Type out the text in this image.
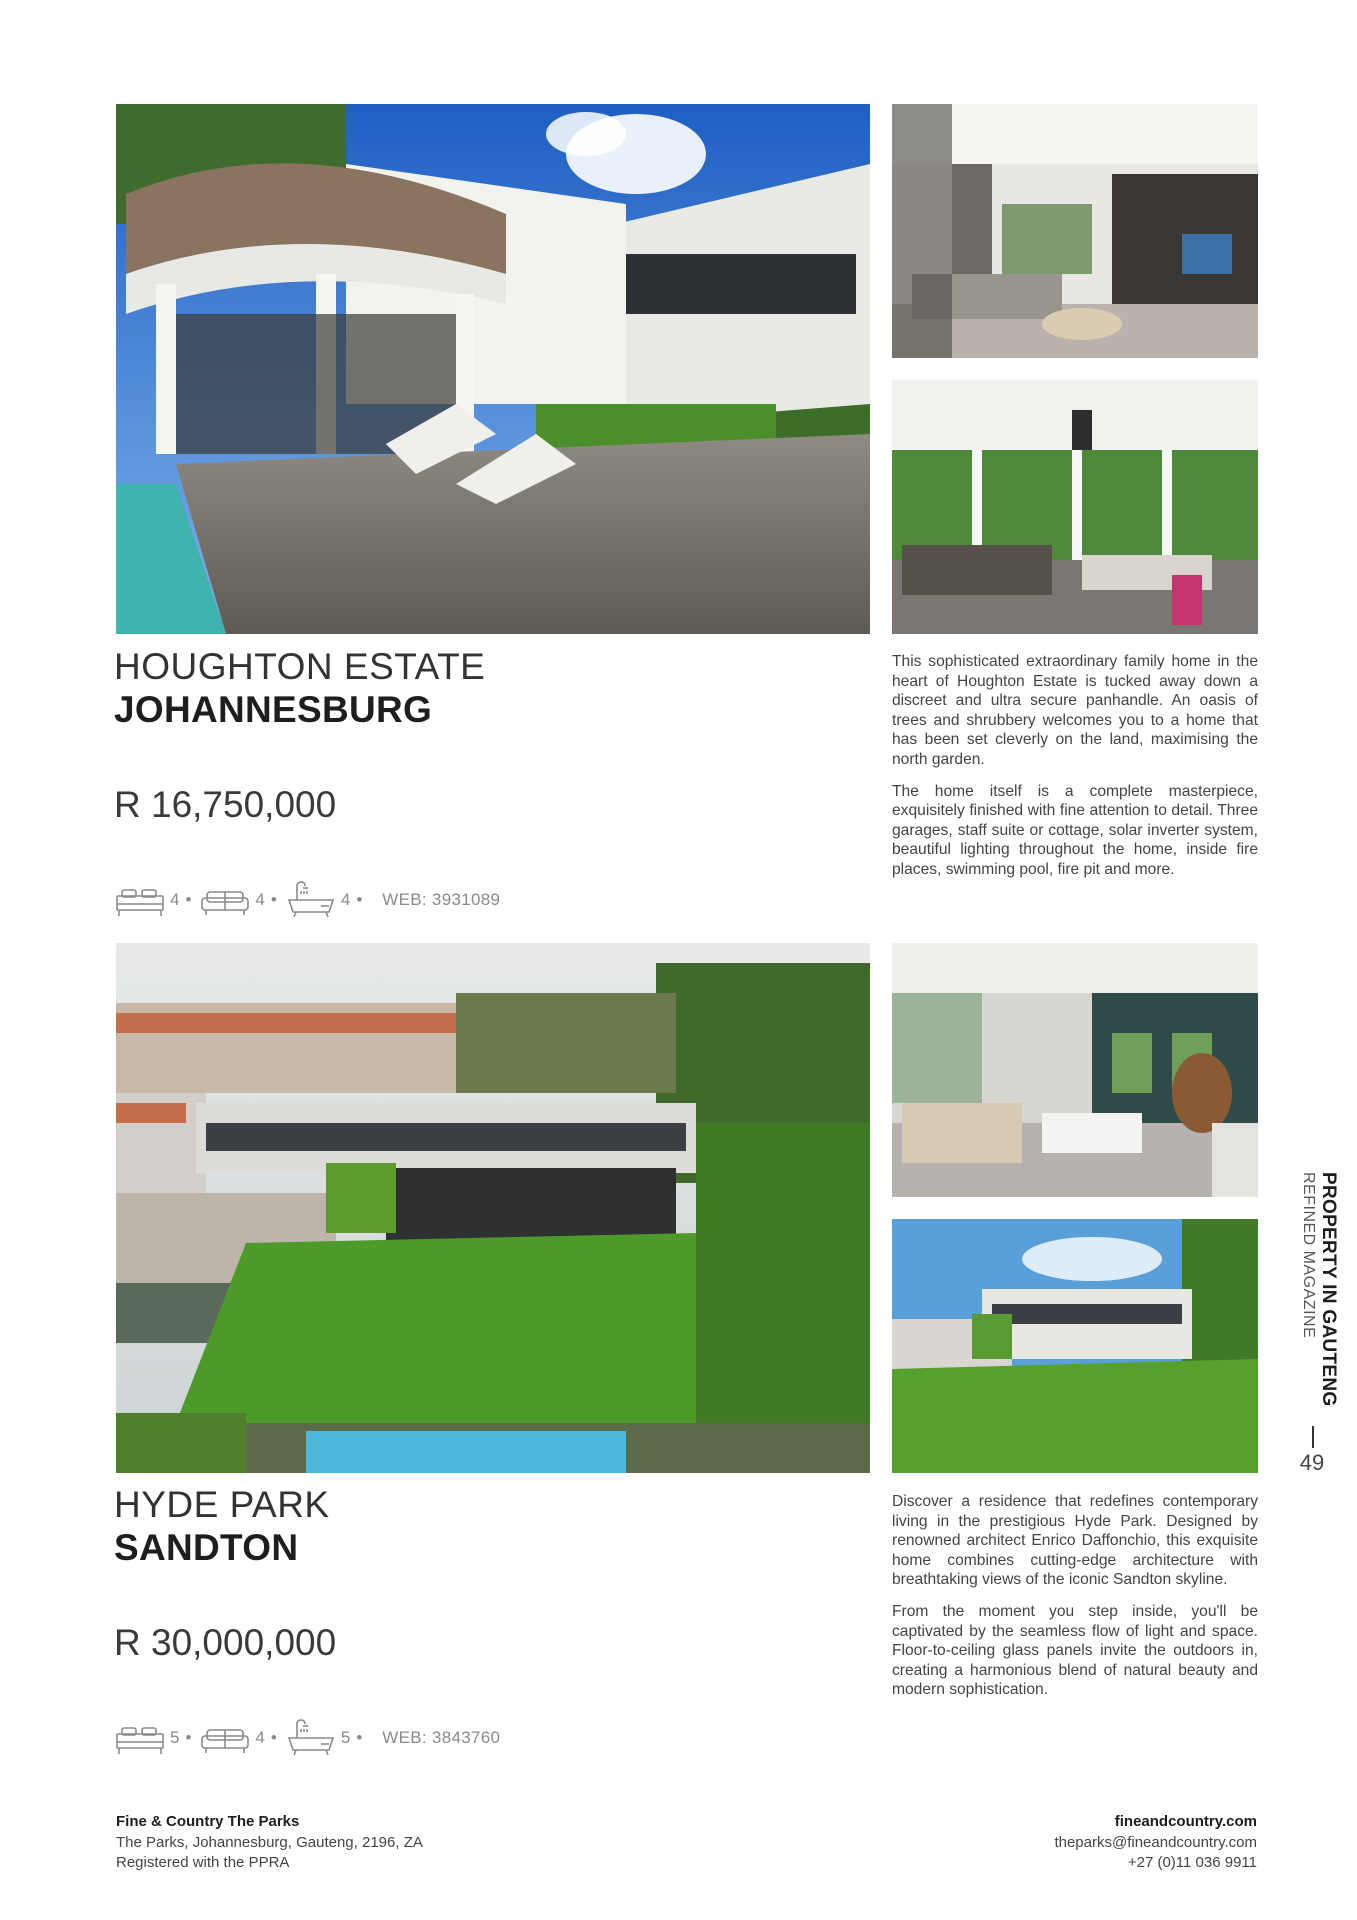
HOUGHTON ESTATE
JOHANNESBURG
R 16,750,000
4 •	4 •	4 • WEB: 3931089

This sophisticated extraordinary family home in the heart of Houghton Estate is tucked away down a discreet and ultra secure panhandle. An oasis of trees and shrubbery welcomes you to a home that has been set cleverly on the land, maximising the north garden.

The home itself is a complete masterpiece, exquisitely finished with fine attention to detail. Three garages, staff suite or cottage, solar inverter system, beautiful lighting throughout the home, inside fire places, swimming pool, fire pit and more.

HYDE PARK
SANDTON
R 30,000,000
5 •	4 •	5 • WEB: 3843760

Discover a residence that redefines contemporary living in the prestigious Hyde Park. Designed by renowned architect Enrico Daffonchio, this exquisite home combines cutting-edge architecture with breathtaking views of the iconic Sandton skyline.

From the moment you step inside, you'll be captivated by the seamless flow of light and space. Floor-to-ceiling glass panels invite the outdoors in, creating a harmonious blend of natural beauty and modern sophistication.

PROPERTY IN GAUTENG
REFINED MAGAZINE
49
Fine & Country The Parks
The Parks, Johannesburg, Gauteng, 2196, ZA
Registered with the PPRA
fineandcountry.com
theparks@fineandcountry.com
+27 (0)11 036 9911
